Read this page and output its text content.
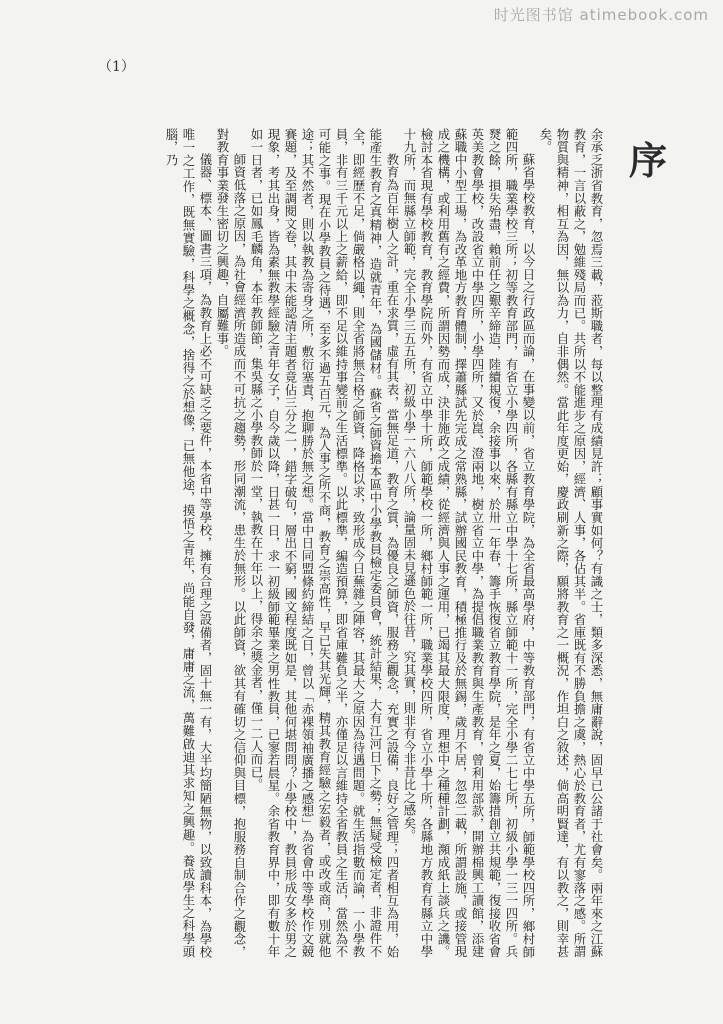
时光图书馆 atimebook.com
（1）
序

余承乏浙省教育，忽焉三載，蒞斯職者，每以整理有成績見許；顧事實如何？有識之士，類多深悉，無庸辭說，固早已公諸于社會矣。兩年來之江蘇教育，一言以蔽之，勉維殘局而已。共所以不能進步之原因，經濟、人事，各佔其半。省庫既有不勝負擔之虞，熱心於教育者，尤有寥落之感。所謂物質與精神，相互為因，無以為力，自非偶然。當此年度更始，慶政刷新之際，願將教育之一概況，作坦白之敘述，倘高明賢達，有以教之，則幸甚矣。

蘇省學校教育，以今日之行政區而論，在事變以前，省立教育學院，為全省最高學府，中等教育部門，有省立中學五所，師範學校四所，鄉村師範四所，職業學校三所；初等教育部門，有省立小學四所，各縣有縣立中學十七所，縣立師範十一所，完全小學二七七所，初級小學一三一四所。兵燹之餘，損失殆盡，賴前任之艱辛締造，陸續規復，余接事以來，於卅一年春，籌手恢復省立教育學院，是年之夏，始籌措創立共規範，復接收省會英美教會學校，改設省立中學四所，小學四所，又於崑、澄兩地，樹立省立中學，為提倡職業教育與生產教育，曾利用部款，開辦棉興工讀館，添建蘇職中小型工場，為改革地方教育體制，擇蕭縣試先完成之常熟縣，試辦國民教育，積極推行及於無錫，歲月不居，忽忽二載，所謂設施，或接管現成之機構，或利用舊有之經費，所謂因勢而成，決非施政之成績，從經濟與人事之運用，已竭其最大限度，理想中之種種計劃，瀕成紙上談兵之譏。檢討本省現有學校教育，教育學院而外，有省立中學十所，師範學校一所，鄉村師範一所，職業學校四所，省立小學十所，各縣地方教育有縣立中學十九所，而無縣立師範，完全小學三五五所，初級小學一六八八所，論量固未見遜色於往昔，究其實，則非有今非昔比之感矣。

教育為百年樹人之計，重在求質，虛有其表，當無足道，教育之質，為優良之師資，服務之觀念，充實之設備，良好之管理；四者相互為用，始能產生教育之真精神，造就青年，為國儲材。蘇省之師資擔本區中小學教員檢定委員會，統計結果，大有江河日下之勢；無疑受檢定者，非證件不全，即經歷不足，倘嚴格以繩，則全省將無合格之師資，降格以求，致形成今日蕪雜之陣容，其最大之原因為待遇問題。就生活指數而論，一小學教員，非有三千元以上之薪給，即不足以維持事變前之生活標準。以此標準，編造預算，即省庫難負之半，亦僅足以言維持全省教員之生活，當然為不可能之事。現在小學教員之待遇，至多不過五百元，為人事之所不商，教育之崇高性，早已失其光輝，精其教育經驗之宏毅者，或改或商，別就他途；其不然者，則以執教為寄身之所，敷衍塞責，抱聊勝於無之想。當中日同盟條約締結之日，曾以「赤裸領袖廣播之感想」為省會中等學校作文競賽題，及至調閱文卷，其中未能認清主題者竟佔三分之一，錯字破句，層出不窮，國文程度既如是，其他何堪問問？小學校中，教員形成女多於男之現象，考其出身，皆為素無教學經驗之青年女子，自今歲以降，日甚一日，求一初級師範畢業之男性教員，已寥若晨星。余省教育界中，即有數十年如一日者，已如鳳毛麟角，本年教師節，集吳縣之小學教師於一堂，執教在十年以上，得余之獎金者，僅一二人而已。

師資低落之原因，為社會經濟所造成而不可抗之趨勢，形同潮流，患生於無形。以此師資，欲其有確切之信仰與目標，抱服務自制合作之觀念，對教育事業發生密切之興趣，自屬難事。

儀器、標本、圖書三項，為教育上必不可缺乏之要件，本省中等學校，擁有合理之設備者，固十無一有，大半均簡陋無物，以致讀科本，為學校唯一之工作，既無實驗，科學之概念，捨得之於想像，已無他途，摸悟之青年，尚能自發，庸庸之流，萬難啟迪其求知之興趣。養成學生之科學頭腦，乃
